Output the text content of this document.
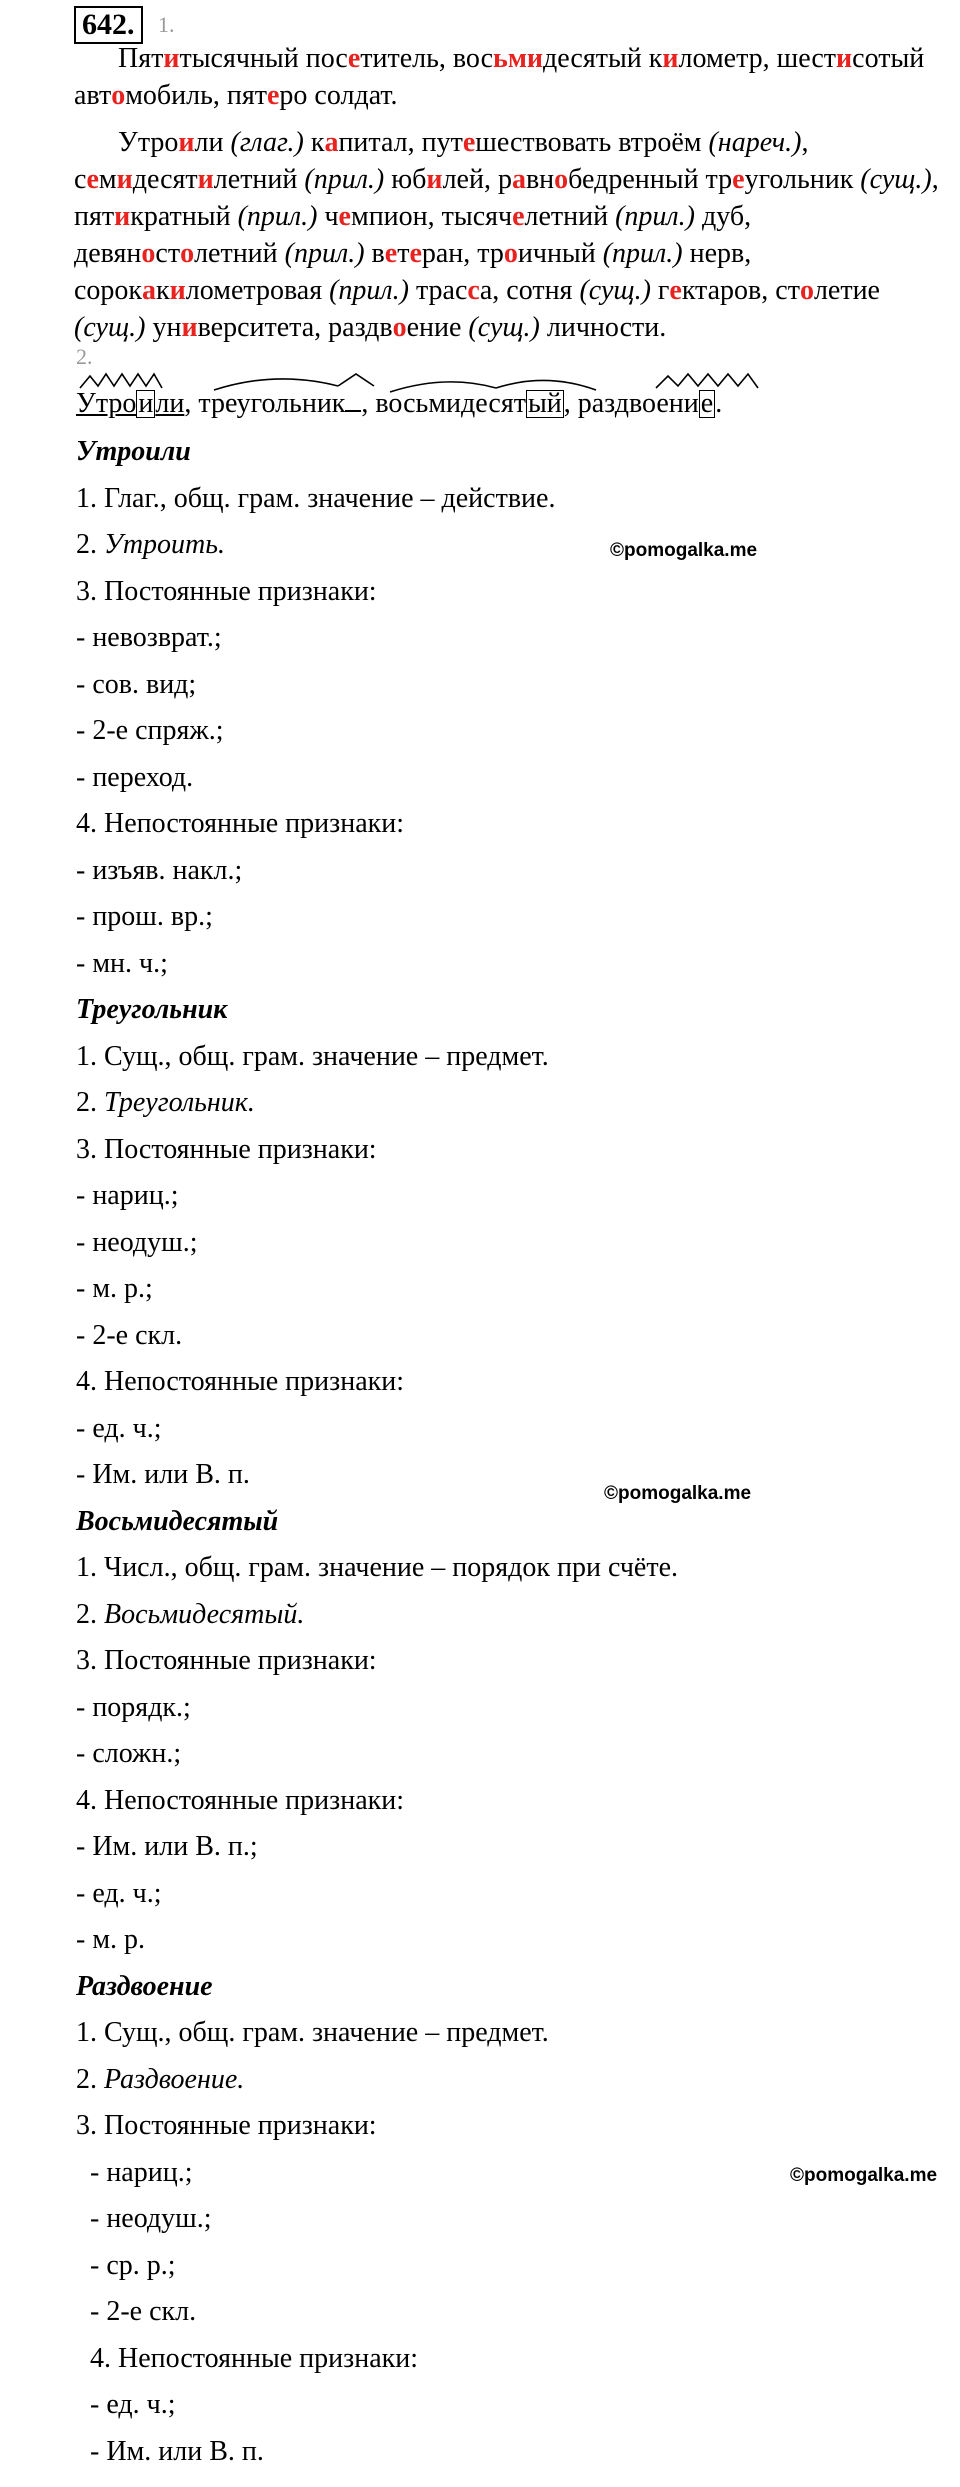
642.	1.

Пятитысячный посетитель, восьмидесятый километр, шестисотый автомобиль, пятеро солдат.

Утроили (глаг.) капитал, путешествовать втроём (нареч.), семидесятилетний (прил.) юбилей, равнобедренный треугольник (сущ.), пятикратный (прил.) чемпион, тысячелетний (прил.) дуб, девяностолетний (прил.) ветеран, троичный (прил.) нерв, сорокакилометровая (прил.) трасса, сотня (сущ.) гектаров, столетие (сущ.) университета, раздвоение (сущ.) личности.

2.
Утроили, треугольник , восьмидесятый, раздвоение.
Утроили
1. Глаг., общ. грам. значение – действие.
2. Утроить.
3. Постоянные признаки:
- невозврат.;
- сов. вид;
- 2-е спряж.;
- переход.
4. Непостоянные признаки:
- изъяв. накл.;
- прош. вр.;
- мн. ч.;
Треугольник
1. Сущ., общ. грам. значение – предмет.
2. Треугольник.
3. Постоянные признаки:
- нариц.;
- неодуш.;
- м. р.;
- 2-е скл.
4. Непостоянные признаки:
- ед. ч.;
- Им. или В. п.
Восьмидесятый
1. Числ., общ. грам. значение – порядок при счёте.
2. Восьмидесятый.
3. Постоянные признаки:
- порядк.;
- сложн.;
4. Непостоянные признаки:
- Им. или В. п.;
- ед. ч.;
- м. р.
Раздвоение
1. Сущ., общ. грам. значение – предмет.
2. Раздвоение.
3. Постоянные признаки:
- нариц.;
- неодуш.;
- ср. р.;
- 2-е скл.
4. Непостоянные признаки:
- ед. ч.;
- Им. или В. п.
©pomogalka.me
©pomogalka.me
©pomogalka.me
